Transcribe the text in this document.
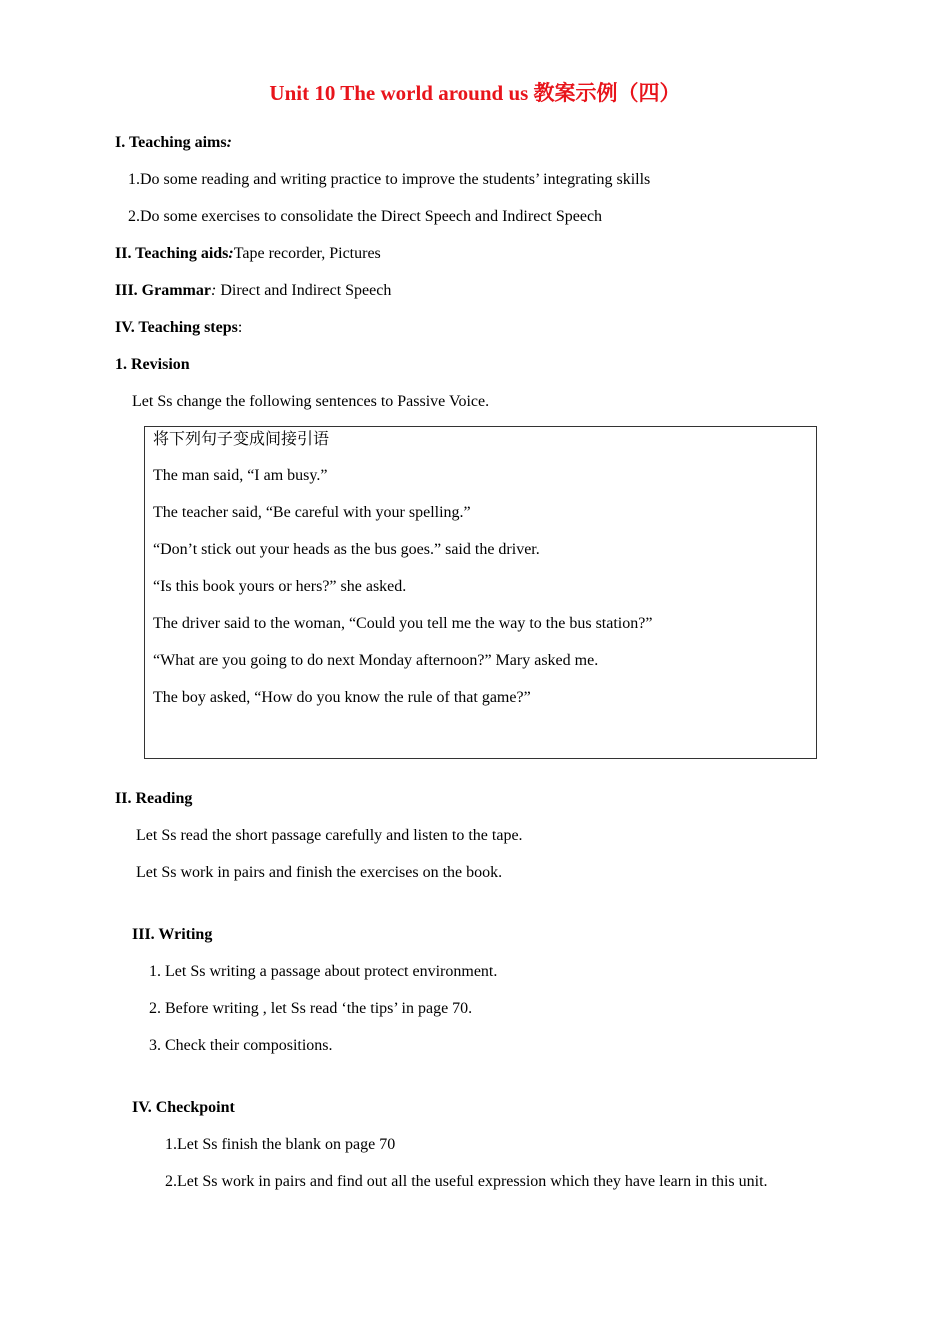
Unit 10 The world around us 教案示例（四）
I. Teaching aims:
1.Do some reading and writing practice to improve the students’ integrating skills
2.Do some exercises to consolidate the Direct Speech and Indirect Speech
II. Teaching aids:Tape recorder, Pictures
III. Grammar: Direct and Indirect Speech
IV. Teaching steps:
1. Revision
Let Ss change the following sentences to Passive Voice.
将下列句子变成间接引语
The man said, “I am busy.”
The teacher said, “Be careful with your spelling.”
“Don’t stick out your heads as the bus goes.” said the driver.
“Is this book yours or hers?” she asked.
The driver said to the woman, “Could you tell me the way to the bus station?”
“What are you going to do next Monday afternoon?” Mary asked me.
The boy asked, “How do you know the rule of that game?”
II. Reading
Let Ss read the short passage carefully and listen to the tape.
Let Ss work in pairs and finish the exercises on the book.
III. Writing
1. Let Ss writing a passage about protect environment.
2. Before writing , let Ss read ‘the tips’ in page 70.
3. Check their compositions.
IV. Checkpoint
1.Let Ss finish the blank on page 70
2.Let Ss work in pairs and find out all the useful expression which they have learn in this unit.
